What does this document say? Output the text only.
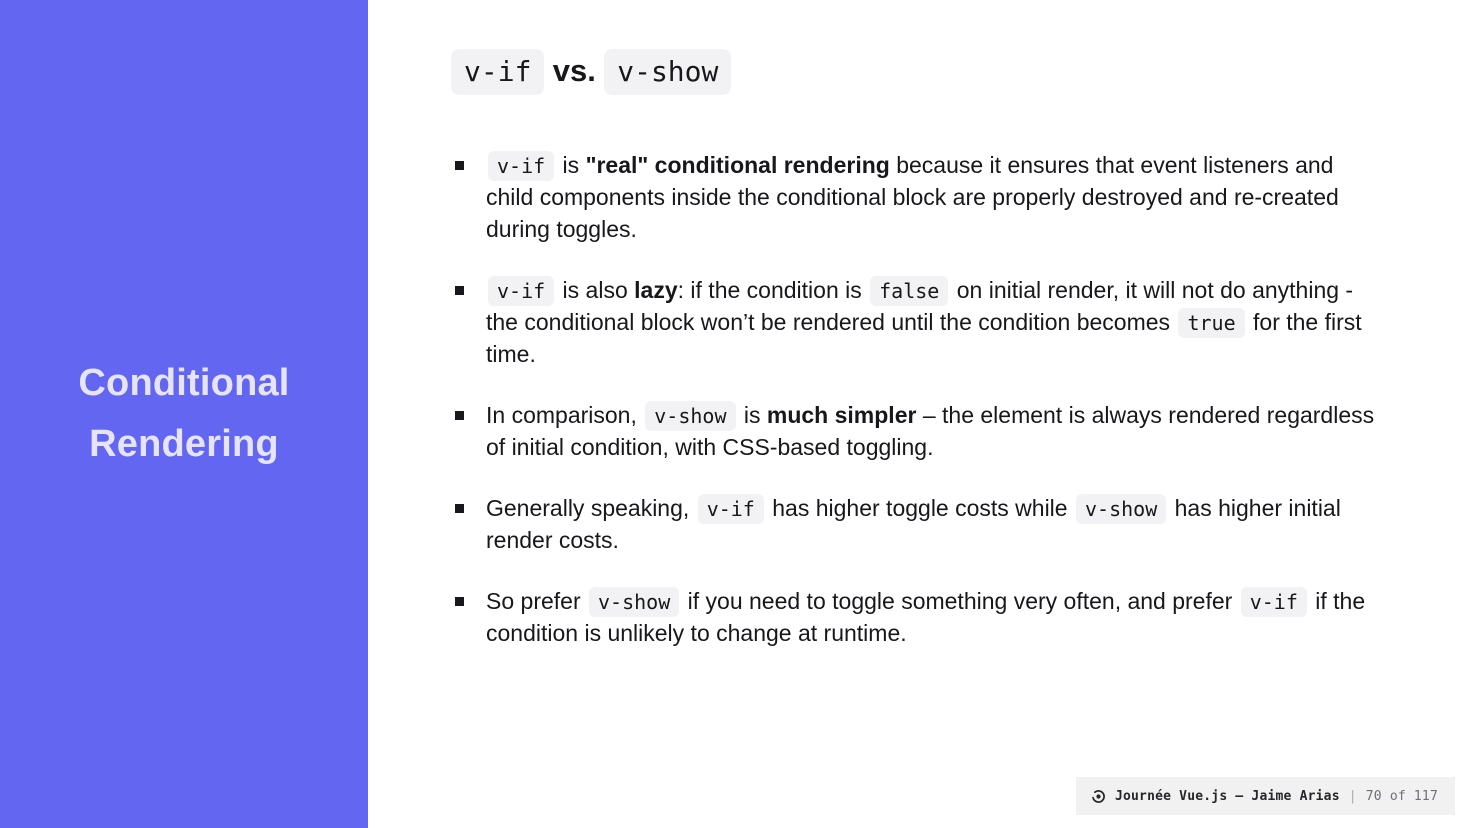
Conditional
Rendering
v-if vs. v-show

v-if is "real" conditional rendering because it ensures that event listeners and child components inside the conditional block are properly destroyed and re-created during toggles.

v-if is also lazy: if the condition is false on initial render, it will not do anything - the conditional block won’t be rendered until the condition becomes true for the first time.

In comparison, v-show is much simpler – the element is always rendered regardless of initial condition, with CSS-based toggling.

Generally speaking, v-if has higher toggle costs while v-show has higher initial render costs.

So prefer v-show if you need to toggle something very often, and prefer v-if if the condition is unlikely to change at runtime.

Journée Vue.js — Jaime Arias | 70 of 117
